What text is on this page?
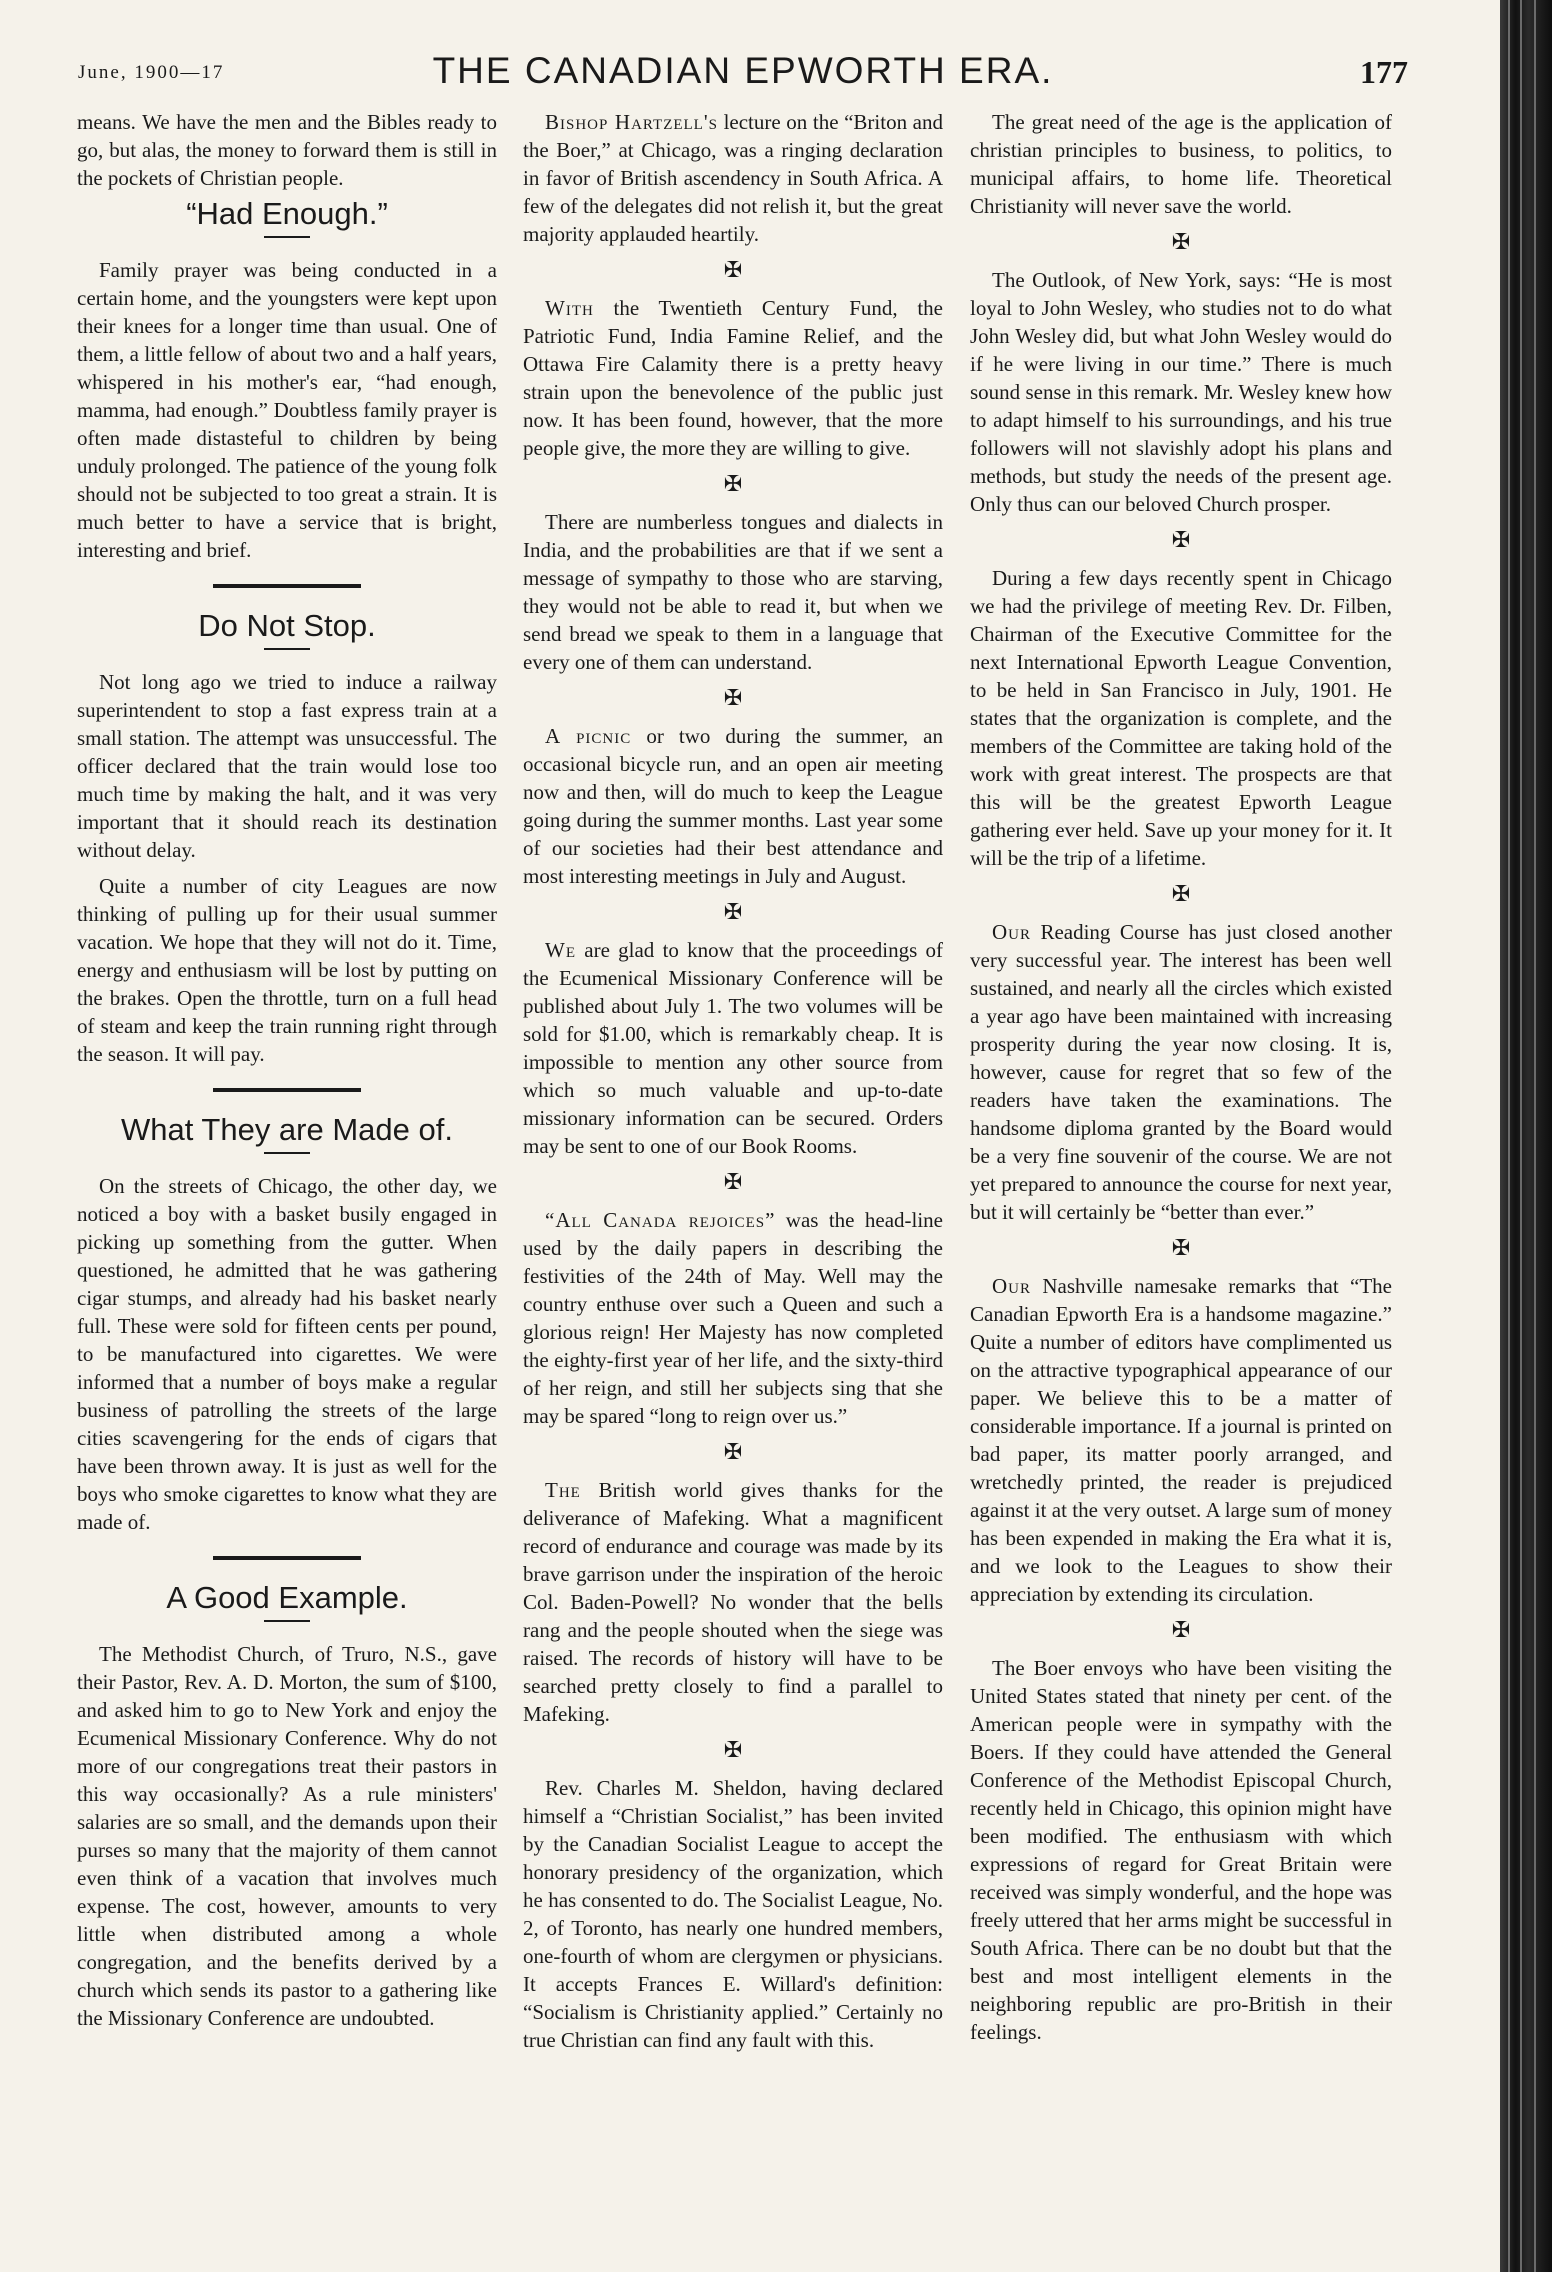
June, 1900—17	THE CANADIAN EPWORTH ERA.	177

means. We have the men and the Bibles ready to go, but alas, the money to forward them is still in the pockets of Christian people.

“Had Enough.”

Family prayer was being conducted in a certain home, and the youngsters were kept upon their knees for a longer time than usual. One of them, a little fellow of about two and a half years, whispered in his mother's ear, “had enough, mamma, had enough.” Doubtless family prayer is often made distasteful to children by being unduly prolonged. The patience of the young folk should not be subjected to too great a strain. It is much better to have a service that is bright, interesting and brief.

Do Not Stop.

Not long ago we tried to induce a railway superintendent to stop a fast express train at a small station. The attempt was unsuccessful. The officer declared that the train would lose too much time by making the halt, and it was very important that it should reach its destination without delay.

Quite a number of city Leagues are now thinking of pulling up for their usual summer vacation. We hope that they will not do it. Time, energy and enthusiasm will be lost by putting on the brakes. Open the throttle, turn on a full head of steam and keep the train running right through the season. It will pay.

What They are Made of.

On the streets of Chicago, the other day, we noticed a boy with a basket busily engaged in picking up something from the gutter. When questioned, he admitted that he was gathering cigar stumps, and already had his basket nearly full. These were sold for fifteen cents per pound, to be manufactured into cigarettes. We were informed that a number of boys make a regular business of patrolling the streets of the large cities scavengering for the ends of cigars that have been thrown away. It is just as well for the boys who smoke cigarettes to know what they are made of.

A Good Example.

The Methodist Church, of Truro, N.S., gave their Pastor, Rev. A. D. Morton, the sum of $100, and asked him to go to New York and enjoy the Ecumenical Missionary Conference. Why do not more of our congregations treat their pastors in this way occasionally? As a rule ministers' salaries are so small, and the demands upon their purses so many that the majority of them cannot even think of a vacation that involves much expense. The cost, however, amounts to very little when distributed among a whole congregation, and the benefits derived by a church which sends its pastor to a gathering like the Missionary Conference are undoubted.

Bishop Hartzell's lecture on the “Briton and the Boer,” at Chicago, was a ringing declaration in favor of British ascendency in South Africa. A few of the delegates did not relish it, but the great majority applauded heartily.

✠

With the Twentieth Century Fund, the Patriotic Fund, India Famine Relief, and the Ottawa Fire Calamity there is a pretty heavy strain upon the benevolence of the public just now. It has been found, however, that the more people give, the more they are willing to give.

✠

There are numberless tongues and dialects in India, and the probabilities are that if we sent a message of sympathy to those who are starving, they would not be able to read it, but when we send bread we speak to them in a language that every one of them can understand.

✠

A picnic or two during the summer, an occasional bicycle run, and an open air meeting now and then, will do much to keep the League going during the summer months. Last year some of our societies had their best attendance and most interesting meetings in July and August.

✠

We are glad to know that the proceedings of the Ecumenical Missionary Conference will be published about July 1. The two volumes will be sold for $1.00, which is remarkably cheap. It is impossible to mention any other source from which so much valuable and up-to-date missionary information can be secured. Orders may be sent to one of our Book Rooms.

✠

“All Canada rejoices” was the head-line used by the daily papers in describing the festivities of the 24th of May. Well may the country enthuse over such a Queen and such a glorious reign! Her Majesty has now completed the eighty-first year of her life, and the sixty-third of her reign, and still her subjects sing that she may be spared “long to reign over us.”

✠

The British world gives thanks for the deliverance of Mafeking. What a magnificent record of endurance and courage was made by its brave garrison under the inspiration of the heroic Col. Baden-Powell? No wonder that the bells rang and the people shouted when the siege was raised. The records of history will have to be searched pretty closely to find a parallel to Mafeking.

✠

Rev. Charles M. Sheldon, having declared himself a “Christian Socialist,” has been invited by the Canadian Socialist League to accept the honorary presidency of the organization, which he has consented to do. The Socialist League, No. 2, of Toronto, has nearly one hundred members, one-fourth of whom are clergymen or physicians. It accepts Frances E. Willard's definition: “Socialism is Christianity applied.” Certainly no true Christian can find any fault with this.

The great need of the age is the application of christian principles to business, to politics, to municipal affairs, to home life. Theoretical Christianity will never save the world.

✠

The Outlook, of New York, says: “He is most loyal to John Wesley, who studies not to do what John Wesley did, but what John Wesley would do if he were living in our time.” There is much sound sense in this remark. Mr. Wesley knew how to adapt himself to his surroundings, and his true followers will not slavishly adopt his plans and methods, but study the needs of the present age. Only thus can our beloved Church prosper.

✠

During a few days recently spent in Chicago we had the privilege of meeting Rev. Dr. Filben, Chairman of the Executive Committee for the next International Epworth League Convention, to be held in San Francisco in July, 1901. He states that the organization is complete, and the members of the Committee are taking hold of the work with great interest. The prospects are that this will be the greatest Epworth League gathering ever held. Save up your money for it. It will be the trip of a lifetime.

✠

Our Reading Course has just closed another very successful year. The interest has been well sustained, and nearly all the circles which existed a year ago have been maintained with increasing prosperity during the year now closing. It is, however, cause for regret that so few of the readers have taken the examinations. The handsome diploma granted by the Board would be a very fine souvenir of the course. We are not yet prepared to announce the course for next year, but it will certainly be “better than ever.”

✠

Our Nashville namesake remarks that “The Canadian Epworth Era is a handsome magazine.” Quite a number of editors have complimented us on the attractive typographical appearance of our paper. We believe this to be a matter of considerable importance. If a journal is printed on bad paper, its matter poorly arranged, and wretchedly printed, the reader is prejudiced against it at the very outset. A large sum of money has been expended in making the Era what it is, and we look to the Leagues to show their appreciation by extending its circulation.

✠

The Boer envoys who have been visiting the United States stated that ninety per cent. of the American people were in sympathy with the Boers. If they could have attended the General Conference of the Methodist Episcopal Church, recently held in Chicago, this opinion might have been modified. The enthusiasm with which expressions of regard for Great Britain were received was simply wonderful, and the hope was freely uttered that her arms might be successful in South Africa. There can be no doubt but that the best and most intelligent elements in the neighboring republic are pro-British in their feelings.
